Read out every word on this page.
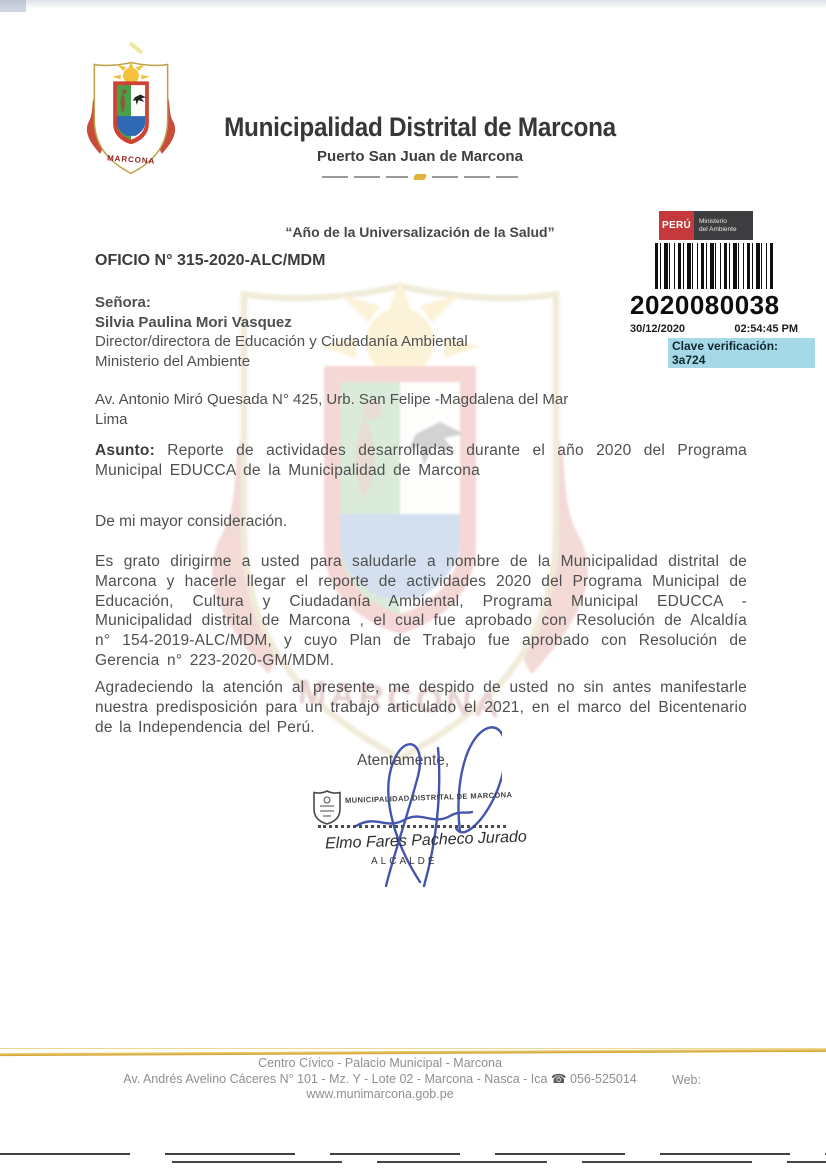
Municipalidad Distrital de Marcona
Puerto San Juan de Marcona
PERÚ	Ministerio
del Ambiente
2020080038
30/12/2020	02:54:45 PM
Clave verificación: 3a724
“Año de la Universalización de la Salud”
OFICIO N° 315-2020-ALC/MDM
Señora:
Silvia Paulina Mori Vasquez
Director/directora de Educación y Ciudadanía Ambiental
Ministerio del Ambiente
Av. Antonio Miró Quesada N° 425, Urb. San Felipe -Magdalena del Mar
Lima
Asunto: Reporte de actividades desarrolladas durante el año 2020 del Programa Municipal EDUCCA de la Municipalidad de Marcona
De mi mayor consideración.
Es grato dirigirme a usted para saludarle a nombre de la Municipalidad distrital de Marcona y hacerle llegar el reporte de actividades 2020 del Programa Municipal de Educación, Cultura y Ciudadanía Ambiental, Programa Municipal EDUCCA - Municipalidad distrital de Marcona , el cual fue aprobado con Resolución de Alcaldía n° 154-2019-ALC/MDM, y cuyo Plan de Trabajo fue aprobado con Resolución de Gerencia n° 223-2020-GM/MDM.
Agradeciendo la atención al presente, me despido de usted no sin antes manifestarle nuestra predisposición para un trabajo articulado el 2021, en el marco del Bicentenario de la Independencia del Perú.
Atentamente,
MUNICIPALIDAD DISTRITAL DE MARCONA
Elmo Fares Pacheco Jurado
ALCALDE
Centro Cívico - Palacio Municipal - Marcona
Av. Andrés Avelino Cáceres N° 101 - Mz. Y - Lote 02 - Marcona - Nasca - Ica ☎ 056-525014
www.munimarcona.gob.pe
Web:
